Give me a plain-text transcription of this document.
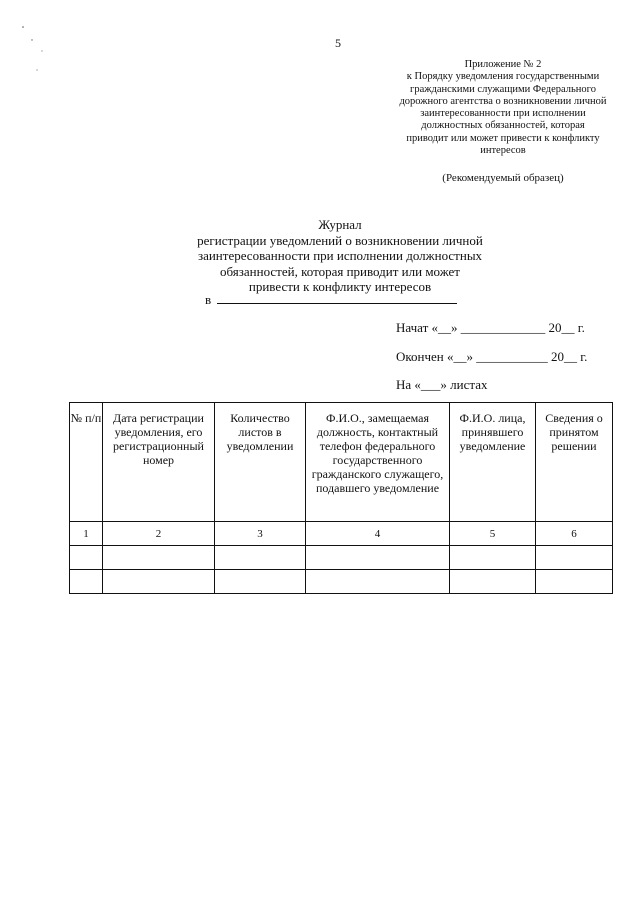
5
Приложение № 2
к Порядку уведомления государственными
гражданскими служащими Федерального
дорожного агентства о возникновении личной
заинтересованности при исполнении
должностных обязанностей, которая
приводит или может привести к конфликту
интересов
(Рекомендуемый образец)
Журнал
регистрации уведомлений о возникновении личной
заинтересованности при исполнении должностных
обязанностей, которая приводит или может
привести к конфликту интересов
в
Начат «__» _____________ 20__ г.
Окончен «__» ___________ 20__ г.
На «___» листах
№ п/п	Дата регистрации уведомления, его регистрационный номер	Количество листов в уведомлении	Ф.И.О., замещаемая должность, контактный телефон федерального государственного гражданского служащего, подавшего уведомление	Ф.И.О. лица, принявшего уведомление	Сведения о принятом решении
1	2	3	4	5	6
